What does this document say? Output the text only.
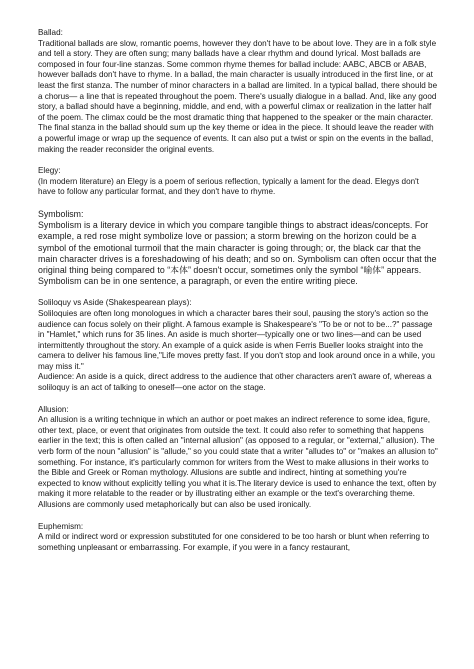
Ballad:

Traditional ballads are slow, romantic poems, however they don't have to be about love. They are in a folk style and tell a story. They are often sung; many ballads have a clear rhythm and dound lyrical. Most ballads are composed in four four-line stanzas. Some common rhyme themes for ballad include: AABC, ABCB or ABAB, however ballads don't have to rhyme. In a ballad, the main character is usually introduced in the first line, or at least the first stanza. The number of minor characters in a ballad are limited. In a typical ballad, there should be a chorus— a line that is repeated throughout the poem. There's usually dialogue in a ballad. And, like any good story, a ballad should have a beginning, middle, and end, with a powerful climax or realization in the latter half of the poem. The climax could be the most dramatic thing that happened to the speaker or the main character. The final stanza in the ballad should sum up the key theme or idea in the piece. It should leave the reader with a powerful image or wrap up the sequence of events. It can also put a twist or spin on the events in the ballad, making the reader reconsider the original events.

Elegy:

(In modern literature) an Elegy is a poem of serious reflection, typically a lament for the dead. Elegys don't have to follow any particular format, and they don't have to rhyme.

Symbolism:

Symbolism is a literary device in which you compare tangible things to abstract ideas/concepts. For example, a red rose might symbolize love or passion; a storm brewing on the horizon could be a symbol of the emotional turmoil that the main character is going through; or, the black car that the main character drives is a foreshadowing of his death; and so on. Symbolism can often occur that the original thing being compared to “本体” doesn't occur, sometimes only the symbol “喻体” appears. Symbolism can be in one sentence, a paragraph, or even the entire writing piece.

Soliloquy vs Aside (Shakespearean plays):

Soliloquies are often long monologues in which a character bares their soul, pausing the story's action so the audience can focus solely on their plight. A famous example is Shakespeare's "To be or not to be...?" passage in "Hamlet," which runs for 35 lines. An aside is much shorter—typically one or two lines—and can be used intermittently throughout the story. An example of a quick aside is when Ferris Bueller looks straight into the camera to deliver his famous line,"Life moves pretty fast. If you don't stop and look around once in a while, you may miss it."

Audience: An aside is a quick, direct address to the audience that other characters aren't aware of, whereas a soliloquy is an act of talking to oneself—one actor on the stage.

Allusion:

An allusion is a writing technique in which an author or poet makes an indirect reference to some idea, figure, other text, place, or event that originates from outside the text. It could also refer to something that happens earlier in the text; this is often called an "internal allusion" (as opposed to a regular, or "external," allusion). The verb form of the noun "allusion" is "allude," so you could state that a writer "alludes to" or "makes an allusion to" something. For instance, it's particularly common for writers from the West to make allusions in their works to the Bible and Greek or Roman mythology. Allusions are subtle and indirect, hinting at something you're expected to know without explicitly telling you what it is.The literary device is used to enhance the text, often by making it more relatable to the reader or by illustrating either an example or the text's overarching theme. Allusions are commonly used metaphorically but can also be used ironically.

Euphemism:

A mild or indirect word or expression substituted for one considered to be too harsh or blunt when referring to something unpleasant or embarrassing. For example, if you were in a fancy restaurant,
